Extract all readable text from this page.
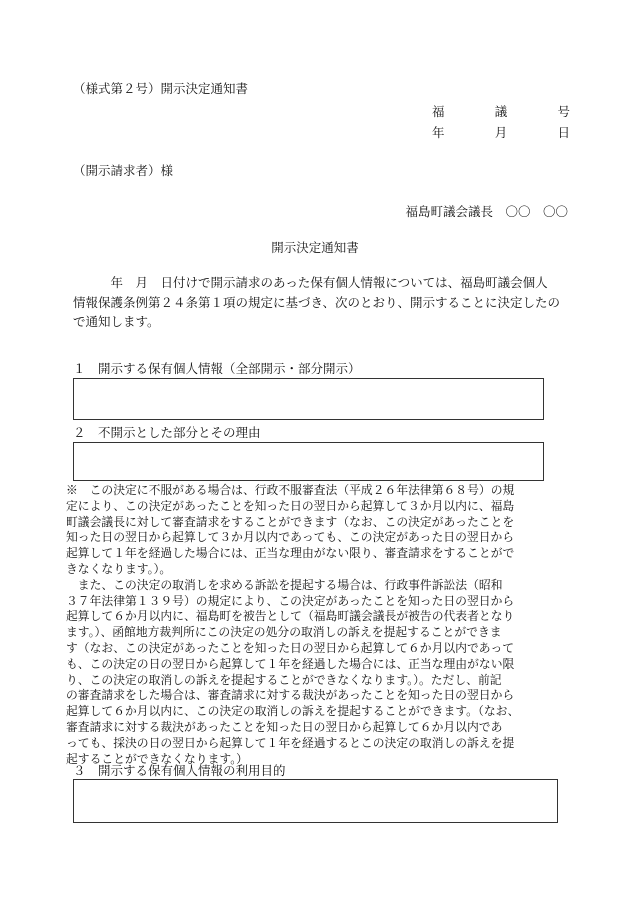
（様式第２号）開示決定通知書
福	議	号
年	月	日
（開示請求者）様
福島町議会議長　〇〇　〇〇
開示決定通知書
　　　年　月　日付けで開示請求のあった保有個人情報については、福島町議会個人
情報保護条例第２４条第１項の規定に基づき、次のとおり、開示することに決定したの
で通知します。
１　開示する保有個人情報（全部開示・部分開示）
２　不開示とした部分とその理由
※　この決定に不服がある場合は、行政不服審査法（平成２６年法律第６８号）の規
定により、この決定があったことを知った日の翌日から起算して３か月以内に、福島
町議会議長に対して審査請求をすることができます（なお、この決定があったことを
知った日の翌日から起算して３か月以内であっても、この決定があった日の翌日から
起算して１年を経過した場合には、正当な理由がない限り、審査請求をすることがで
きなくなります。）。
　また、この決定の取消しを求める訴訟を提起する場合は、行政事件訴訟法（昭和
３７年法律第１３９号）の規定により、この決定があったことを知った日の翌日から
起算して６か月以内に、福島町を被告として（福島町議会議長が被告の代表者となり
ます。）、函館地方裁判所にこの決定の処分の取消しの訴えを提起することができま
す（なお、この決定があったことを知った日の翌日から起算して６か月以内であって
も、この決定の日の翌日から起算して１年を経過した場合には、正当な理由がない限
り、この決定の取消しの訴えを提起することができなくなります。）。ただし、前記
の審査請求をした場合は、審査請求に対する裁決があったことを知った日の翌日から
起算して６か月以内に、この決定の取消しの訴えを提起することができます。（なお、
審査請求に対する裁決があったことを知った日の翌日から起算して６か月以内であ
っても、採決の日の翌日から起算して１年を経過するとこの決定の取消しの訴えを提
起することができなくなります。）
３　開示する保有個人情報の利用目的
